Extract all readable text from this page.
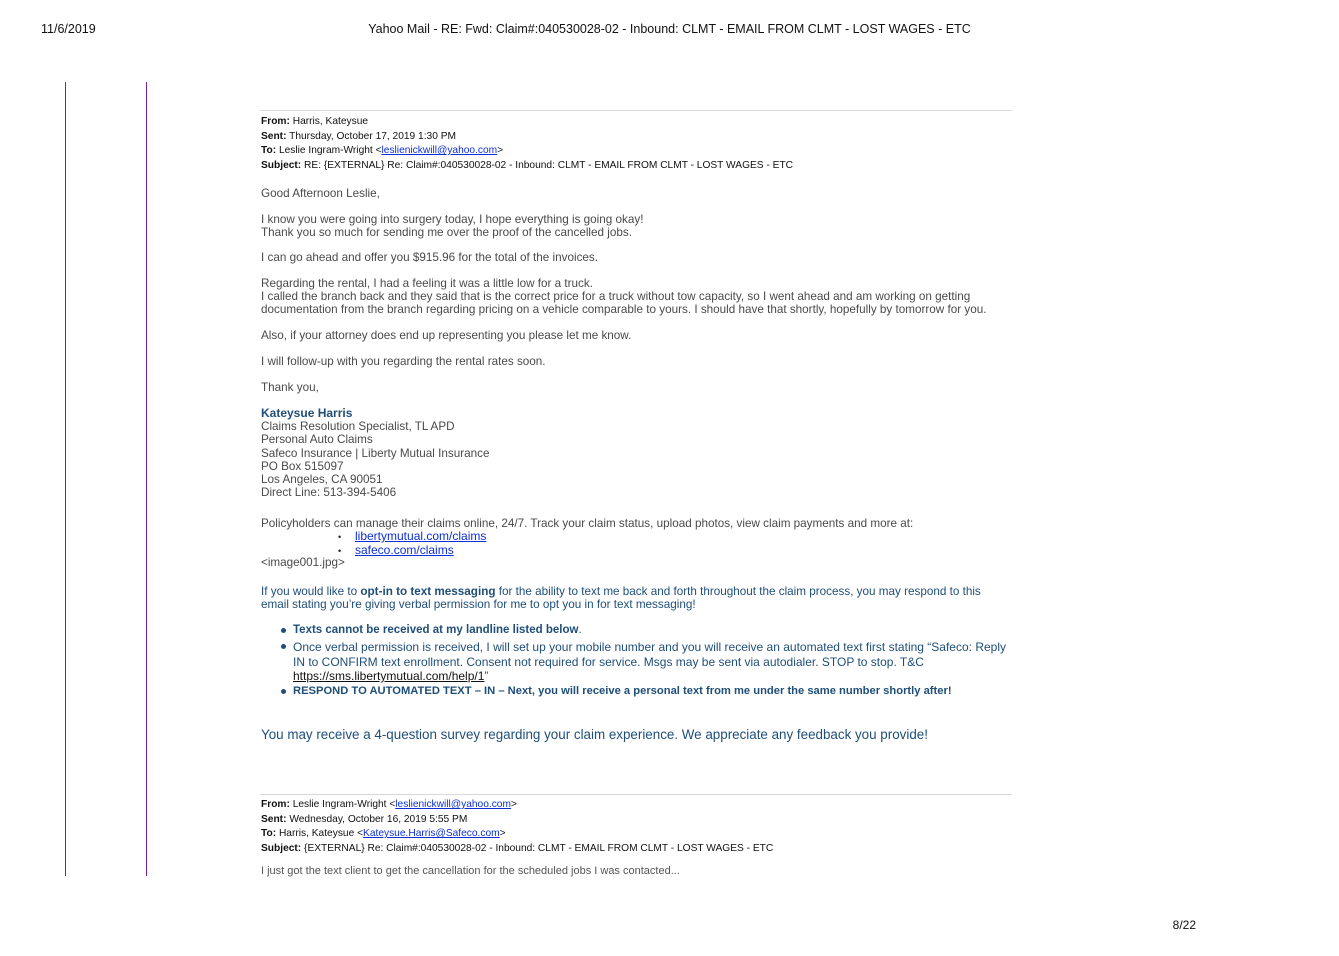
11/6/2019	Yahoo Mail - RE: Fwd: Claim#:040530028-02 - Inbound: CLMT - EMAIL FROM CLMT - LOST WAGES - ETC
From: Harris, Kateysue
Sent: Thursday, October 17, 2019 1:30 PM
To: Leslie Ingram-Wright <leslienickwill@yahoo.com>
Subject: RE: {EXTERNAL} Re: Claim#:040530028-02 - Inbound: CLMT - EMAIL FROM CLMT - LOST WAGES - ETC
Good Afternoon Leslie,
I know you were going into surgery today, I hope everything is going okay!
Thank you so much for sending me over the proof of the cancelled jobs.
I can go ahead and offer you $915.96 for the total of the invoices.
Regarding the rental, I had a feeling it was a little low for a truck.
I called the branch back and they said that is the correct price for a truck without tow capacity, so I went ahead and am working on getting
documentation from the branch regarding pricing on a vehicle comparable to yours. I should have that shortly, hopefully by tomorrow for you.
Also, if your attorney does end up representing you please let me know.
I will follow-up with you regarding the rental rates soon.
Thank you,
Kateysue Harris
Claims Resolution Specialist, TL APD
Personal Auto Claims
Safeco Insurance | Liberty Mutual Insurance
PO Box 515097
Los Angeles, CA 90051
Direct Line: 513-394-5406
Policyholders can manage their claims online, 24/7. Track your claim status, upload photos, view claim payments and more at:
• libertymutual.com/claims
• safeco.com/claims
<image001.jpg>
If you would like to opt-in to text messaging for the ability to text me back and forth throughout the claim process, you may respond to this
email stating you’re giving verbal permission for me to opt you in for text messaging!
Texts cannot be received at my landline listed below.
Once verbal permission is received, I will set up your mobile number and you will receive an automated text first stating “Safeco: Reply
IN to CONFIRM text enrollment. Consent not required for service. Msgs may be sent via autodialer. STOP to stop. T&C
https://sms.libertymutual.com/help/1”
RESPOND TO AUTOMATED TEXT – IN – Next, you will receive a personal text from me under the same number shortly after!
You may receive a 4-question survey regarding your claim experience. We appreciate any feedback you provide!
From: Leslie Ingram-Wright <leslienickwill@yahoo.com>
Sent: Wednesday, October 16, 2019 5:55 PM
To: Harris, Kateysue <Kateysue.Harris@Safeco.com>
Subject: {EXTERNAL} Re: Claim#:040530028-02 - Inbound: CLMT - EMAIL FROM CLMT - LOST WAGES - ETC
I just got the text client to get the cancellation for the scheduled jobs I was contacted...
8/22
